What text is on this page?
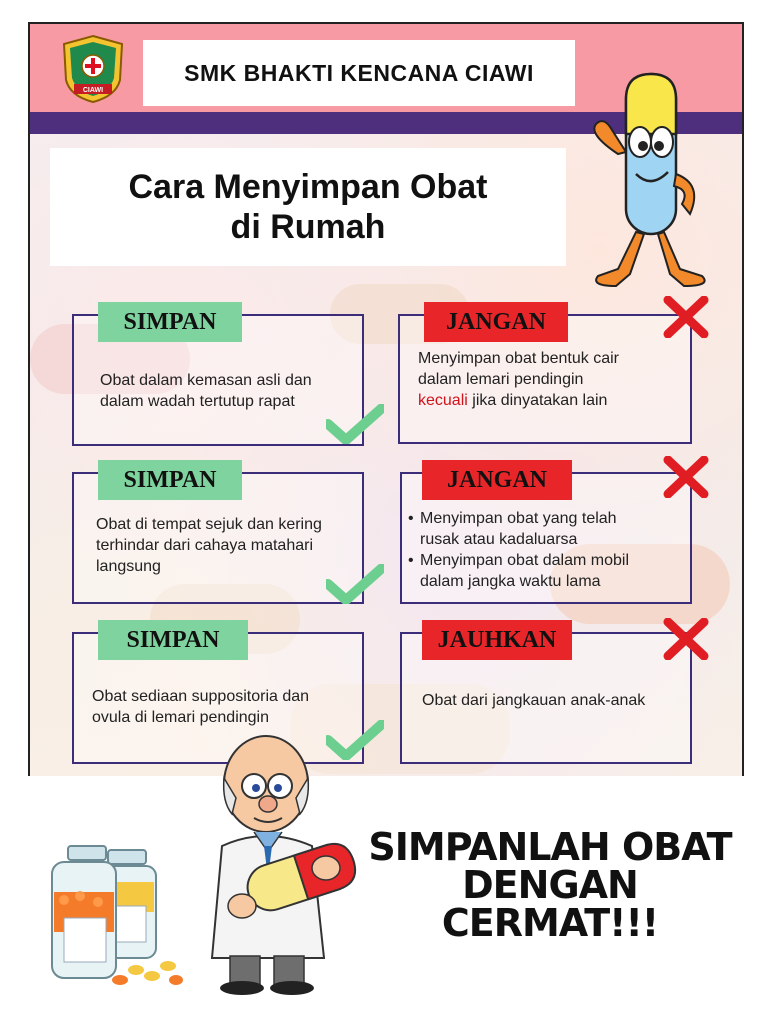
CIAWI
SMK BHAKTI KENCANA CIAWI
Cara Menyimpan Obat
di Rumah
SIMPAN
Obat dalam kemasan asli dan
dalam wadah tertutup rapat
JANGAN
Menyimpan obat bentuk cair
dalam lemari pendingin
kecuali jika dinyatakan lain
SIMPAN
Obat di tempat sejuk dan kering
terhindar dari cahaya matahari
langsung
JANGAN
• Menyimpan obat yang telah
rusak atau kadaluarsa
• Menyimpan obat dalam mobil
dalam jangka waktu lama
SIMPAN
Obat sediaan suppositoria dan
ovula di lemari pendingin
JAUHKAN
Obat dari jangkauan anak-anak
SIMPANLAH OBAT
DENGAN
CERMAT!!!
